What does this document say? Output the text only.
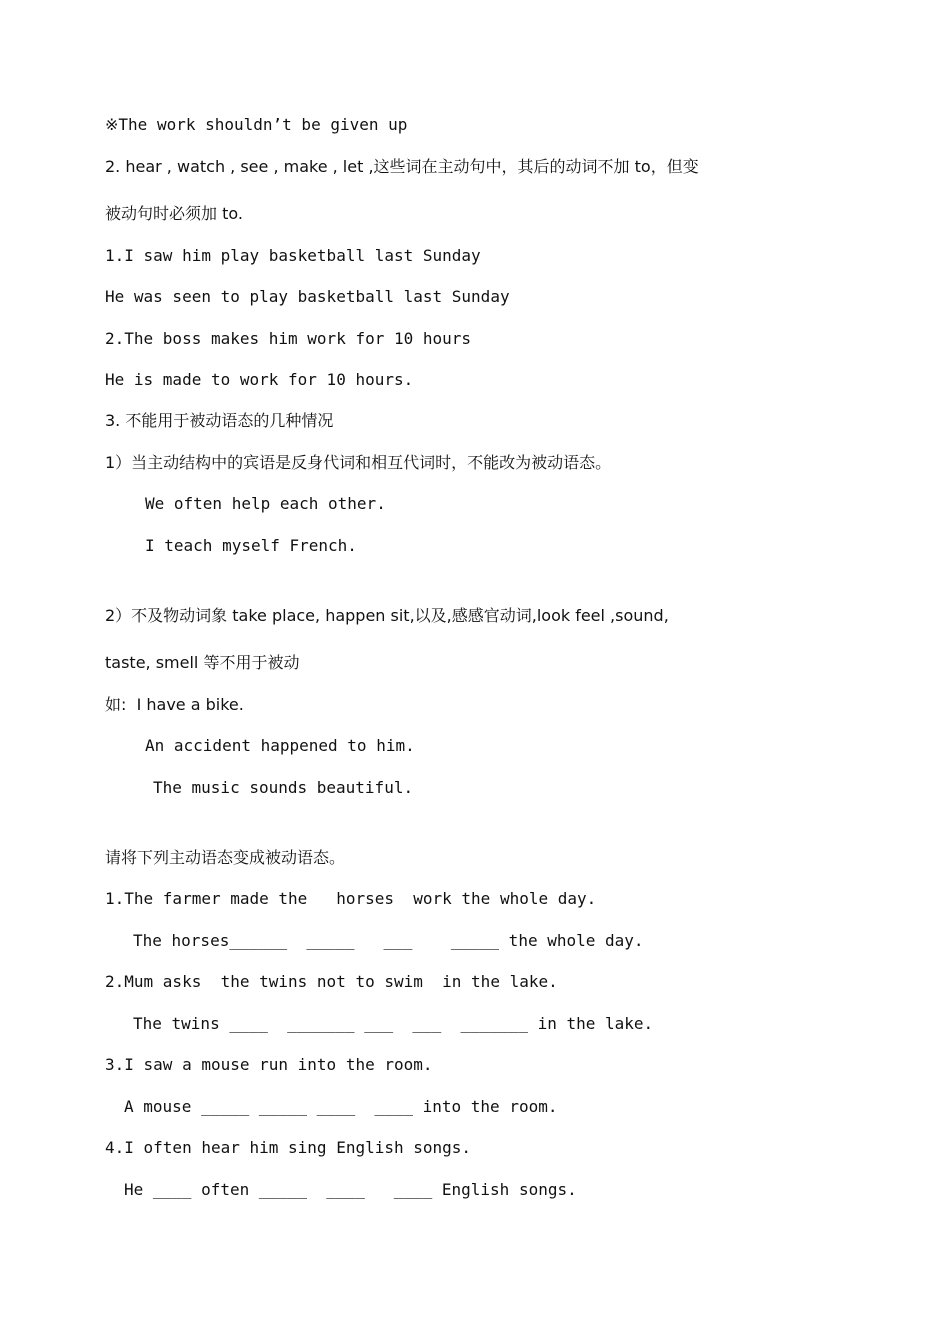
※The work shouldn’t be given up
2. hear , watch , see , make , let ,这些词在主动句中，其后的动词不加 to，但变
被动句时必须加 to.
1.I saw him play basketball last Sunday
He was seen to play basketball last Sunday
2.The boss makes him work for 10 hours
He is made to work for 10 hours.
3. 不能用于被动语态的几种情况
1）当主动结构中的宾语是反身代词和相互代词时，不能改为被动语态。
We often help each other.
I teach myself French.
2）不及物动词象 take place, happen sit,以及,感感官动词,look feel ,sound,
taste, smell 等不用于被动
如:  I have a bike.
An accident happened to him.
The music sounds beautiful.
请将下列主动语态变成被动语态。
1.The farmer made the   horses  work the whole day.
The horses______  _____   ___    _____ the whole day.
2.Mum asks  the twins not to swim  in the lake.
The twins ____  _______ ___  ___  _______ in the lake.
3.I saw a mouse run into the room.
A mouse _____ _____ ____  ____ into the room.
4.I often hear him sing English songs.
He ____ often _____  ____   ____ English songs.
